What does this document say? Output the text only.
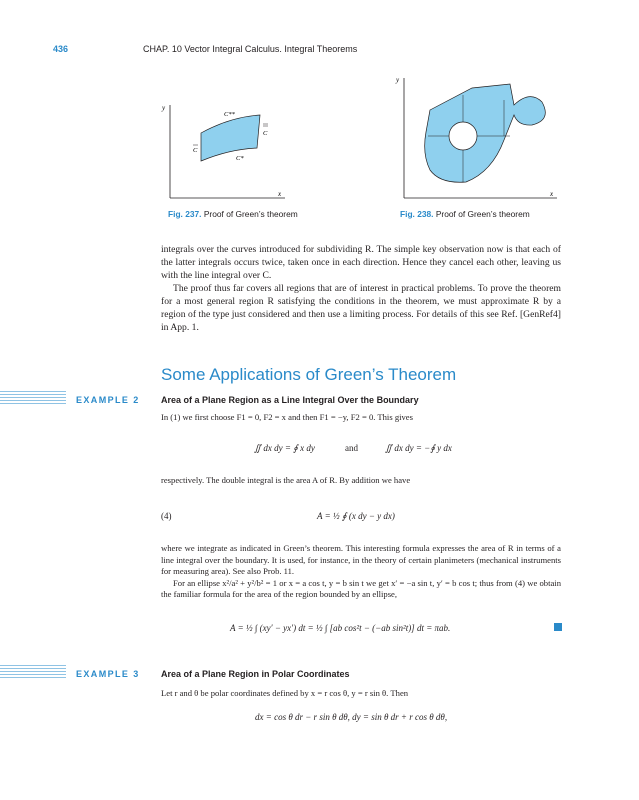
436	CHAP. 10 Vector Integral Calculus. Integral Theorems
y
x
C**
C
C
C*
Fig. 237. Proof of Green’s theorem
y
x
Fig. 238. Proof of Green’s theorem

integrals over the curves introduced for subdividing R. The simple key observation now is that each of the latter integrals occurs twice, taken once in each direction. Hence they cancel each other, leaving us with the line integral over C.

The proof thus far covers all regions that are of interest in practical problems. To prove the theorem for a most general region R satisfying the conditions in the theorem, we must approximate R by a region of the type just considered and then use a limiting process. For details of this see Ref. [GenRef4] in App. 1.

Some Applications of Green’s Theorem
EXAMPLE 2 Area of a Plane Region as a Line Integral Over the Boundary
In (1) we first choose F1 = 0, F2 = x and then F1 = −y, F2 = 0. This gives
∬ dx dy = ∮ x dy	and	∬ dx dy = −∮ y dx
respectively. The double integral is the area A of R. By addition we have
(4)	A = ½ ∮ (x dy − y dx)

where we integrate as indicated in Green’s theorem. This interesting formula expresses the area of R in terms of a line integral over the boundary. It is used, for instance, in the theory of certain planimeters (mechanical instruments for measuring area). See also Prob. 11.

For an ellipse x²/a² + y²/b² = 1 or x = a cos t, y = b sin t we get x′ = −a sin t, y′ = b cos t; thus from (4) we obtain the familiar formula for the area of the region bounded by an ellipse,

A = ½ ∫ (xy′ − yx′) dt = ½ ∫ [ab cos²t − (−ab sin²t)] dt = πab.
EXAMPLE 3 Area of a Plane Region in Polar Coordinates
Let r and θ be polar coordinates defined by x = r cos θ, y = r sin θ. Then
dx = cos θ dr − r sin θ dθ, dy = sin θ dr + r cos θ dθ,
